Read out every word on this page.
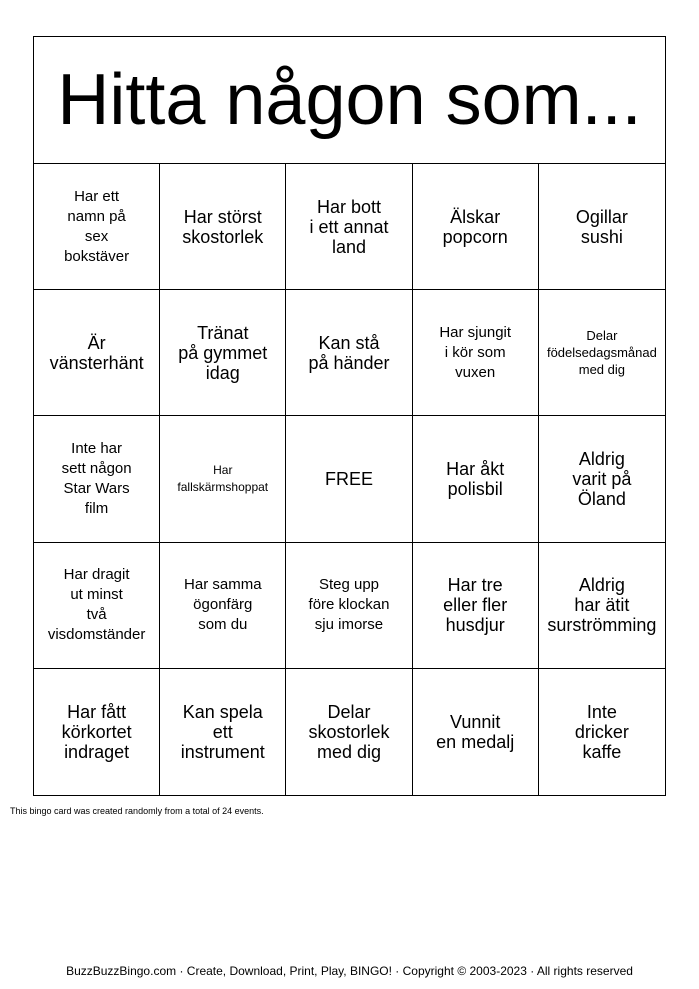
Hitta någon som...
Har ett
namn på
sex
bokstäver
Har störst
skostorlek
Har bott
i ett annat
land
Älskar
popcorn
Ogillar
sushi
Är
vänsterhänt
Tränat
på gymmet
idag
Kan stå
på händer
Har sjungit
i kör som
vuxen
Delar
födelsedagsmånad
med dig
Inte har
sett någon
Star Wars
film
Har
fallskärmshoppat	FREE	Har åkt
polisbil
Aldrig
varit på
Öland
Har dragit
ut minst
två
visdomständer
Har samma
ögonfärg
som du
Steg upp
före klockan
sju imorse
Har tre
eller fler
husdjur
Aldrig
har ätit
surströmming
Har fått
körkortet
indraget
Kan spela
ett
instrument
Delar
skostorlek
med dig
Vunnit
en medalj
Inte
dricker
kaffe
This bingo card was created randomly from a total of 24 events.
BuzzBuzzBingo.com · Create, Download, Print, Play, BINGO! · Copyright © 2003-2023 · All rights reserved
